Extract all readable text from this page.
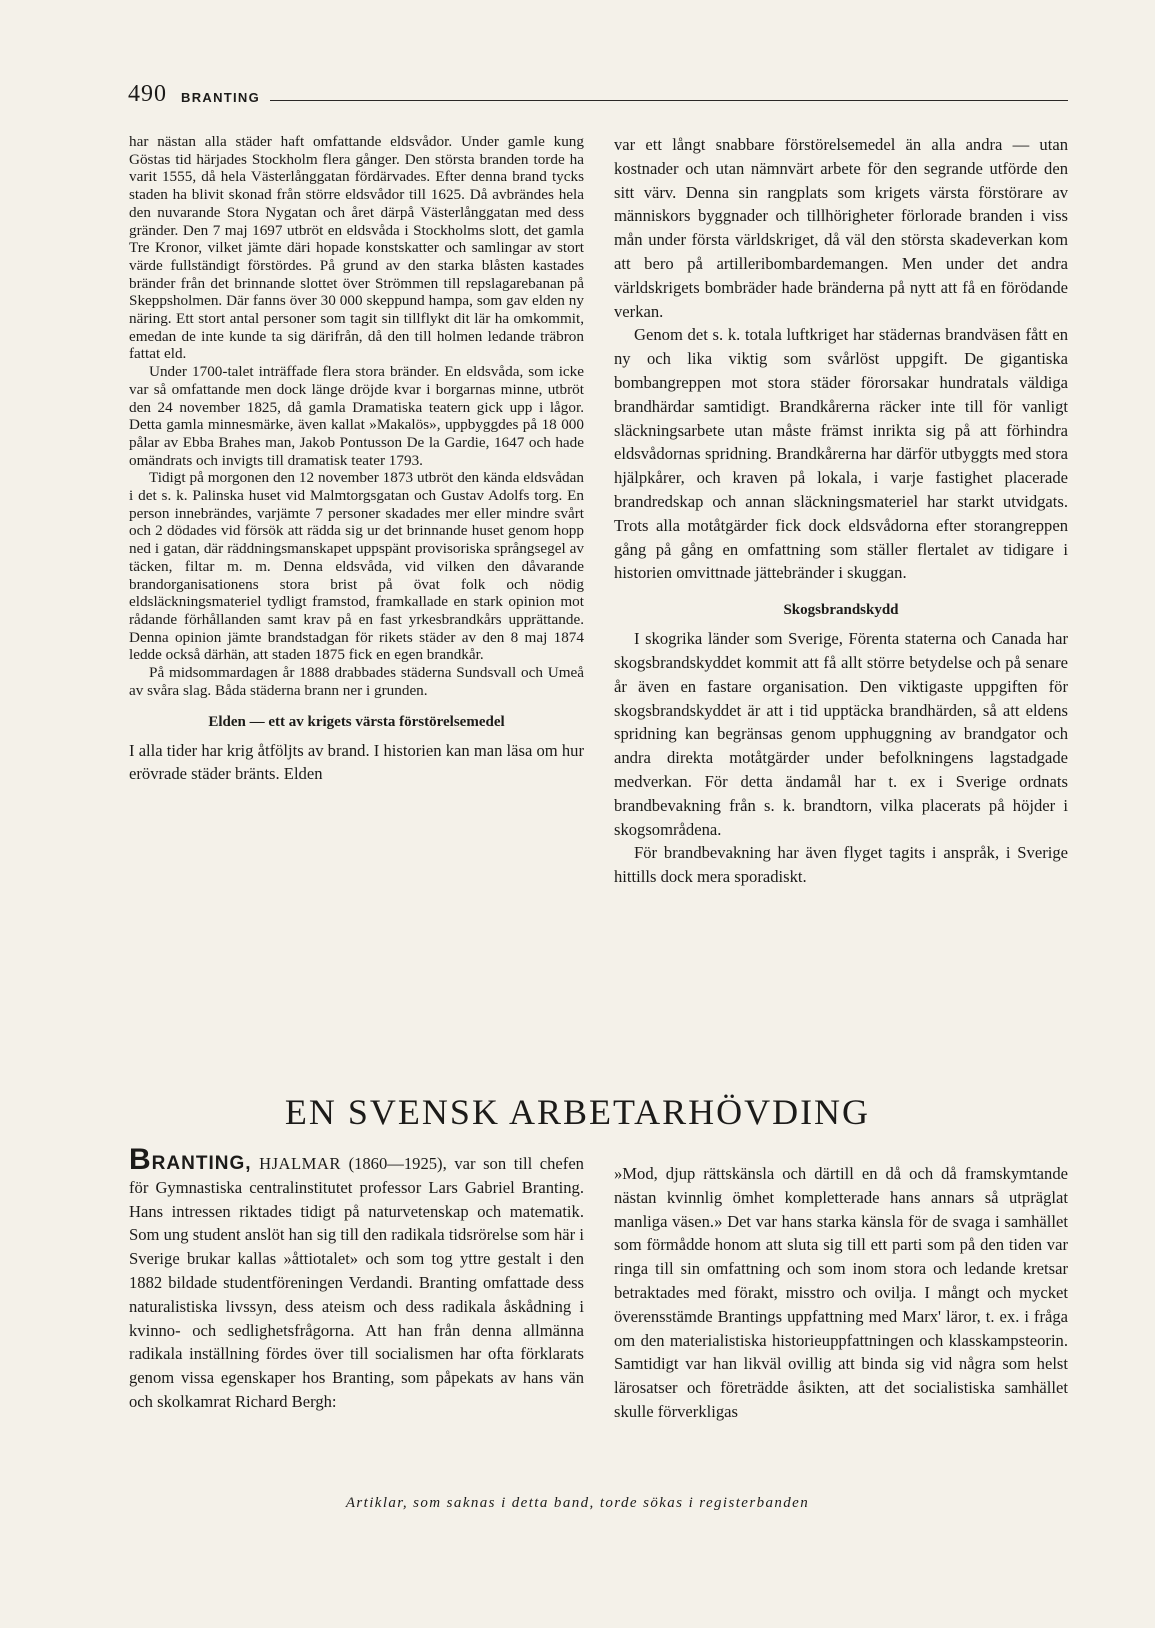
490 BRANTING

har nästan alla städer haft omfattande eldsvådor. Under gamle kung Göstas tid härjades Stockholm flera gånger. Den största branden torde ha varit 1555, då hela Västerlånggatan fördärvades. Efter denna brand tycks staden ha blivit skonad från större eldsvådor till 1625. Då avbrändes hela den nuvarande Stora Nygatan och året därpå Västerlånggatan med dess gränder. Den 7 maj 1697 utbröt en eldsvåda i Stockholms slott, det gamla Tre Kronor, vilket jämte däri hopade konstskatter och samlingar av stort värde fullständigt förstördes. På grund av den starka blåsten kastades bränder från det brinnande slottet över Strömmen till repslagarebanan på Skeppsholmen. Där fanns över 30 000 skeppund hampa, som gav elden ny näring. Ett stort antal personer som tagit sin tillflykt dit lär ha omkommit, emedan de inte kunde ta sig därifrån, då den till holmen ledande träbron fattat eld.

Under 1700-talet inträffade flera stora bränder. En eldsvåda, som icke var så omfattande men dock länge dröjde kvar i borgarnas minne, utbröt den 24 november 1825, då gamla Dramatiska teatern gick upp i lågor. Detta gamla minnesmärke, även kallat »Makalös», uppbyggdes på 18 000 pålar av Ebba Brahes man, Jakob Pontusson De la Gardie, 1647 och hade omändrats och invigts till dramatisk teater 1793.

Tidigt på morgonen den 12 november 1873 utbröt den kända eldsvådan i det s. k. Palinska huset vid Malmtorgsgatan och Gustav Adolfs torg. En person innebrändes, varjämte 7 personer skadades mer eller mindre svårt och 2 dödades vid försök att rädda sig ur det brinnande huset genom hopp ned i gatan, där räddningsmanskapet uppspänt provisoriska språngsegel av täcken, filtar m. m. Denna eldsvåda, vid vilken den dåvarande brandorganisationens stora brist på övat folk och nödig eldsläckningsmateriel tydligt framstod, framkallade en stark opinion mot rådande förhållanden samt krav på en fast yrkesbrandkårs upprättande. Denna opinion jämte brandstadgan för rikets städer av den 8 maj 1874 ledde också därhän, att staden 1875 fick en egen brandkår.

På midsommardagen år 1888 drabbades städerna Sundsvall och Umeå av svåra slag. Båda städerna brann ner i grunden.

Elden — ett av krigets värsta förstörelsemedel

I alla tider har krig åtföljts av brand. I historien kan man läsa om hur erövrade städer bränts. Elden

var ett långt snabbare förstörelsemedel än alla andra — utan kostnader och utan nämnvärt arbete för den segrande utförde den sitt värv. Denna sin rangplats som krigets värsta förstörare av människors byggnader och tillhörigheter förlorade branden i viss mån under första världskriget, då väl den största skadeverkan kom att bero på artilleribombardemangen. Men under det andra världskrigets bombräder hade bränderna på nytt att få en förödande verkan.

Genom det s. k. totala luftkriget har städernas brandväsen fått en ny och lika viktig som svårlöst uppgift. De gigantiska bombangreppen mot stora städer förorsakar hundratals väldiga brandhärdar samtidigt. Brandkårerna räcker inte till för vanligt släckningsarbete utan måste främst inrikta sig på att förhindra eldsvådornas spridning. Brandkårerna har därför utbyggts med stora hjälpkårer, och kraven på lokala, i varje fastighet placerade brandredskap och annan släckningsmateriel har starkt utvidgats. Trots alla motåtgärder fick dock eldsvådorna efter storangreppen gång på gång en omfattning som ställer flertalet av tidigare i historien omvittnade jättebränder i skuggan.

Skogsbrandskydd

I skogrika länder som Sverige, Förenta staterna och Canada har skogsbrandskyddet kommit att få allt större betydelse och på senare år även en fastare organisation. Den viktigaste uppgiften för skogsbrandskyddet är att i tid upptäcka brandhärden, så att eldens spridning kan begränsas genom upphuggning av brandgator och andra direkta motåtgärder under befolkningens lagstadgade medverkan. För detta ändamål har t. ex i Sverige ordnats brandbevakning från s. k. brandtorn, vilka placerats på höjder i skogsområdena.

För brandbevakning har även flyget tagits i anspråk, i Sverige hittills dock mera sporadiskt.

EN SVENSK ARBETARHÖVDING

BRANTING, HJALMAR (1860—1925), var son till chefen för Gymnastiska centralinstitutet professor Lars Gabriel Branting. Hans intressen riktades tidigt på naturvetenskap och matematik. Som ung student anslöt han sig till den radikala tidsrörelse som här i Sverige brukar kallas »åttiotalet» och som tog yttre gestalt i den 1882 bildade studentföreningen Verdandi. Branting omfattade dess naturalistiska livssyn, dess ateism och dess radikala åskådning i kvinno- och sedlighetsfrågorna. Att han från denna allmänna radikala inställning fördes över till socialismen har ofta förklarats genom vissa egenskaper hos Branting, som påpekats av hans vän och skolkamrat Richard Bergh:

»Mod, djup rättskänsla och därtill en då och då framskymtande nästan kvinnlig ömhet kompletterade hans annars så utpräglat manliga väsen.» Det var hans starka känsla för de svaga i samhället som förmådde honom att sluta sig till ett parti som på den tiden var ringa till sin omfattning och som inom stora och ledande kretsar betraktades med förakt, misstro och ovilja. I mångt och mycket överensstämde Brantings uppfattning med Marx' läror, t. ex. i fråga om den materialistiska historieuppfattningen och klasskampsteorin. Samtidigt var han likväl ovillig att binda sig vid några som helst lärosatser och företrädde åsikten, att det socialistiska samhället skulle förverkligas

Artiklar, som saknas i detta band, torde sökas i registerbanden
